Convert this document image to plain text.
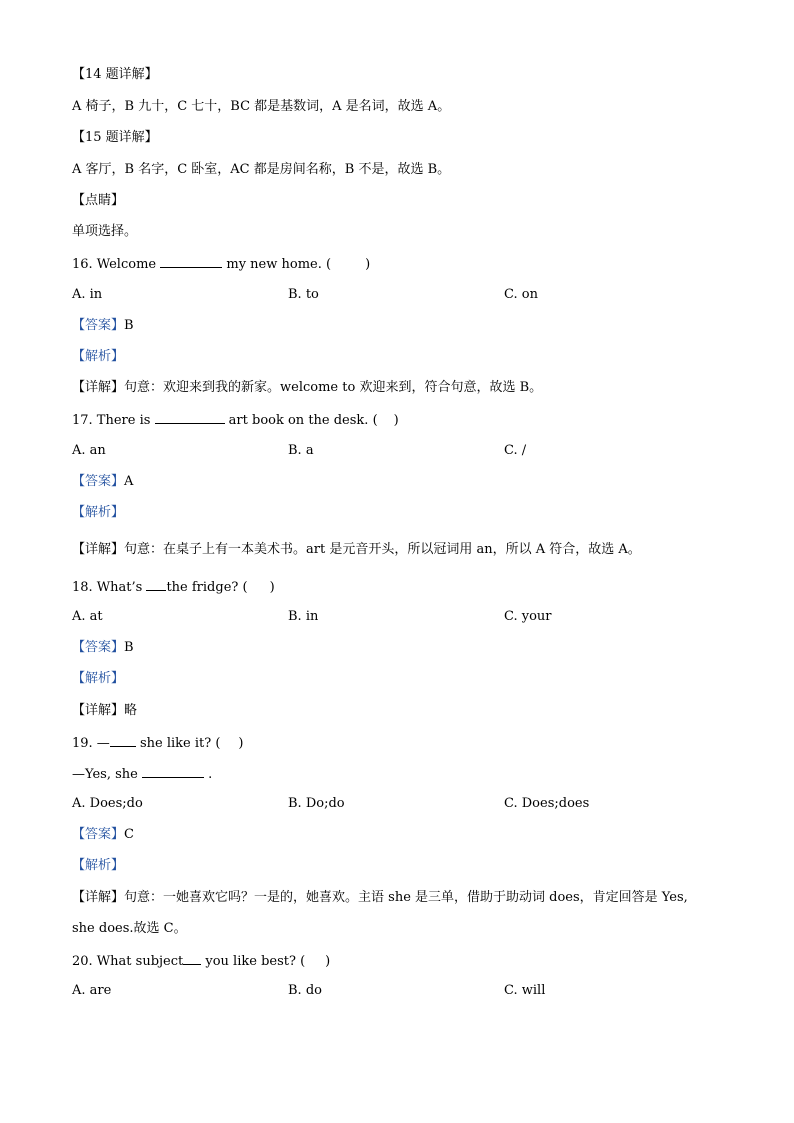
【14 题详解】
A 椅子，B 九十，C 七十，BC 都是基数词，A 是名词，故选 A。
【15 题详解】
A 客厅，B 名字，C 卧室，AC 都是房间名称，B 不是，故选 B。
【点睛】
单项选择。
16. Welcome	my new home. (	)
A. in	B. to	C. on
【答案】B
【解析】
【详解】句意：欢迎来到我的新家。welcome to 欢迎来到，符合句意，故选 B。
17. There is	art book on the desk. ( )
A. an	B. a	C. /
【答案】A
【解析】
【详解】句意：在桌子上有一本美术书。art 是元音开头，所以冠词用 an，所以 A 符合，故选 A。
18. What’s the fridge? ( )
A. at	B. in	C. your
【答案】B
【解析】
【详解】略
19. — she like it? ( )
—Yes, she	.
A. Does;do	B. Do;do	C. Does;does
【答案】C
【解析】
【详解】句意：一她喜欢它吗？一是的，她喜欢。主语 she 是三单，借助于助动词 does，肯定回答是 Yes,
she does.故选 C。
20. What subject you like best? ( )
A. are	B. do	C. will
